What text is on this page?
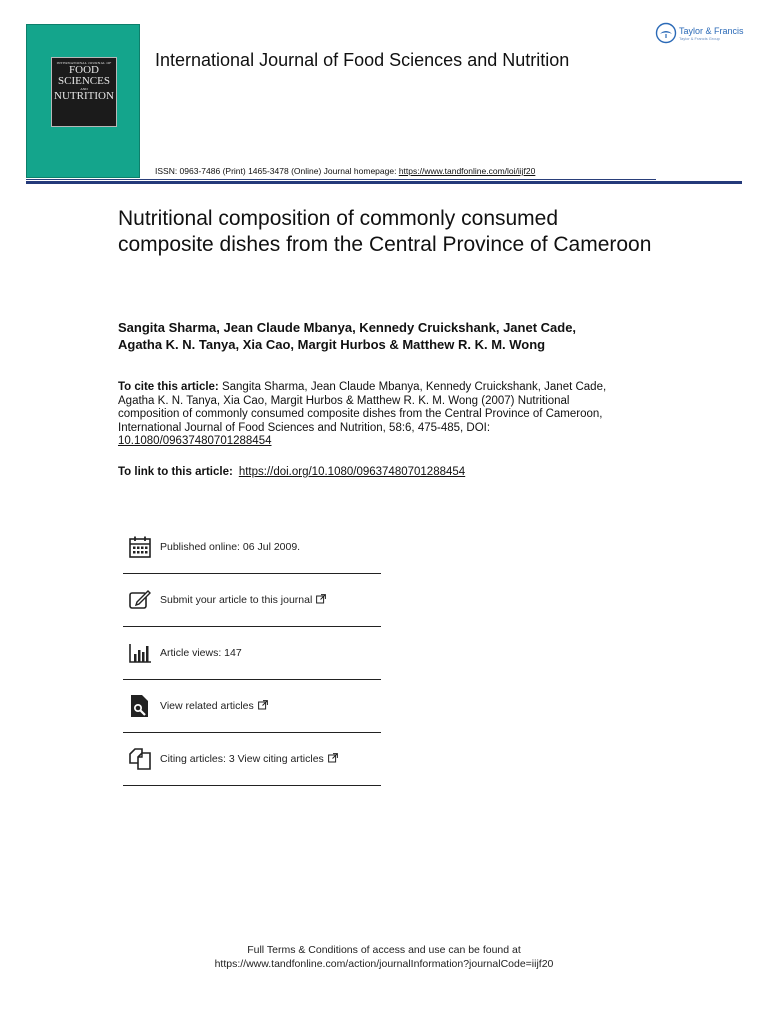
INTERNATIONAL JOURNAL OF
FOOD
SCIENCES
AND
NUTRITION
International Journal of Food Sciences and Nutrition
Taylor & Francis
Taylor & Francis Group
ISSN: 0963-7486 (Print) 1465-3478 (Online) Journal homepage: https://www.tandfonline.com/loi/iijf20
Nutritional composition of commonly consumed composite dishes from the Central Province of Cameroon
Sangita Sharma, Jean Claude Mbanya, Kennedy Cruickshank, Janet Cade,
Agatha K. N. Tanya, Xia Cao, Margit Hurbos & Matthew R. K. M. Wong
To cite this article: Sangita Sharma, Jean Claude Mbanya, Kennedy Cruickshank, Janet Cade, Agatha K. N. Tanya, Xia Cao, Margit Hurbos & Matthew R. K. M. Wong (2007) Nutritional composition of commonly consumed composite dishes from the Central Province of Cameroon, International Journal of Food Sciences and Nutrition, 58:6, 475-485, DOI: 10.1080/09637480701288454
To link to this article: https://doi.org/10.1080/09637480701288454
Published online: 06 Jul 2009.
Submit your article to this journal
Article views: 147
View related articles
Citing articles: 3 View citing articles
Full Terms & Conditions of access and use can be found at
https://www.tandfonline.com/action/journalInformation?journalCode=iijf20
